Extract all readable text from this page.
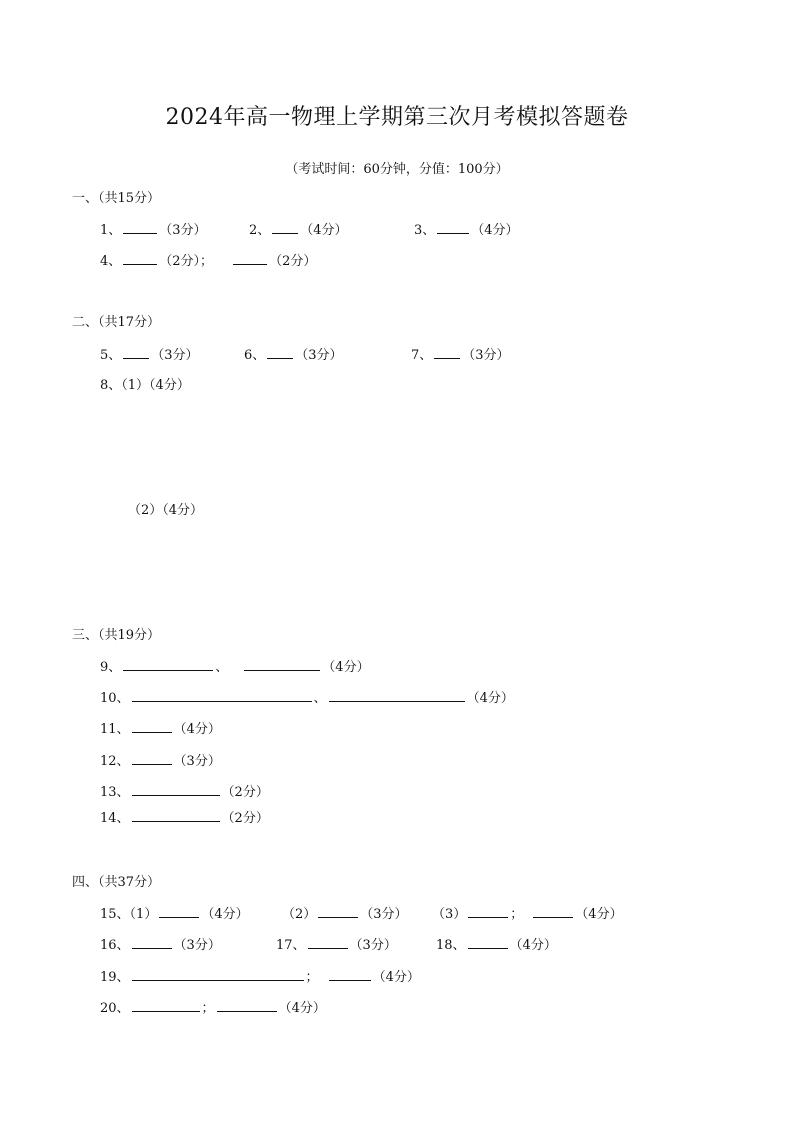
2024年高一物理上学期第三次月考模拟答题卷
（考试时间：60分钟，分值：100分）
一、（共15分）
1、	（3分）	2、 （4分）	3、	（4分）
4、	（2分）；	（2分）
二、（共17分）
5、 （3分）	6、 （3分）	7、 （3分）
8、（1）（4分）
（2）（4分）
三、（共19分）
9、	、	（4分）
10、	、	（4分）
11、	（4分）
12、	（3分）
13、	（2分）
14、	（2分）
四、（共37分）
15、（1）	（4分）	（2）	（3分） （3）	；	（4分）
16、	（3分）	17、	（3分）	18、	（4分）
19、	；	（4分）
20、	；	（4分）
